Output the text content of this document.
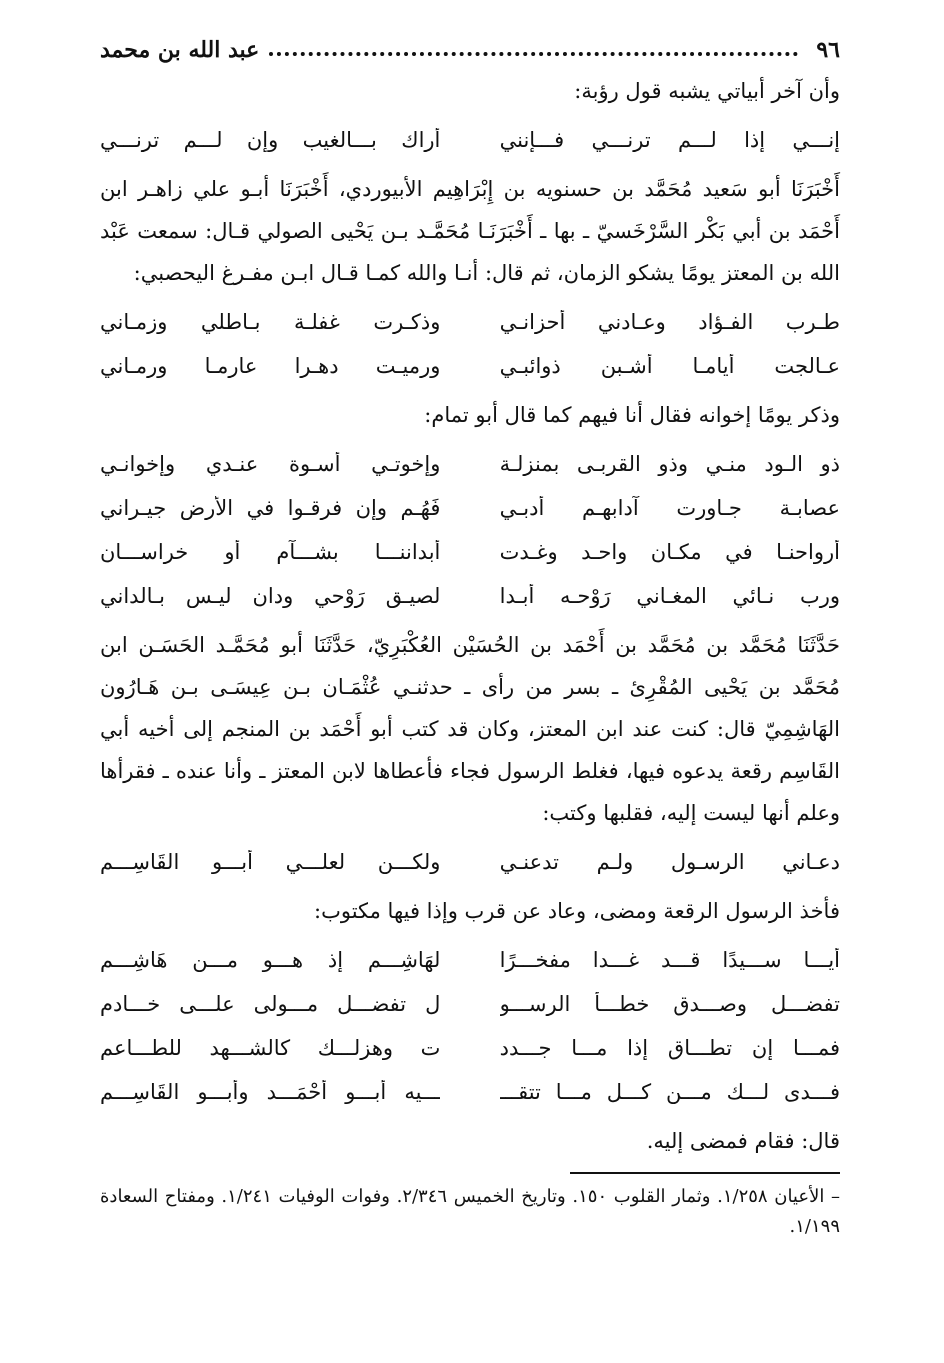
٩٦
عبد الله بن محمد

وأن آخر أبياتي يشبه قول رؤبة:

إنـــي إذا لـــم ترنـــي فـــإنني
أراك بـــالغيب وإن لـــم ترنـــي

أَخْبَرَنَا أبو سَعيد مُحَمَّد بن حسنويه بن إِبْرَاهِيم الأبيوردي، أَخْبَرَنَا أبـو علي زاهـر ابن أَحْمَد بن أبي بَكْر السَّرْخَسيّ ـ بها ـ أَخْبَرَنَـا مُحَمَّـد بـن يَحْيى الصولي قـال: سمعت عَبْد الله بن المعتز يومًا يشكو الزمان، ثم قال: أنـا والله كمـا قـال ابـن مفـرغ اليحصبي:

طـرب الفـؤاد وعـادني أحزانـي
وذكـرت غفلـة بـاطلي وزمـاني
عـالجت أيامـا أشـبن ذوائبـي
ورميـت دهـرا عارمـا ورمـاني

وذكر يومًا إخوانه فقال أنا فيهم كما قال أبو تمام:

ذو الـود منـي وذو القربـى بمنزلـة
وإخوتـي أسـوة عنـدي وإخوانـي
عصابـة جـاورت آدابهـم أدبـي
فَهُـم وإن فرقـوا في الأرض جيـراني
أرواحنـا في مكـان واحـد وغـدت
أبداننـــا بشـــآم أو خراســـان
ورب نـائي المغـاني رَوْحـه أبـدا
لصيـق رَوْحي ودان ليـس بـالداني

حَدَّثَنَا مُحَمَّد بن مُحَمَّد بن أَحْمَد بن الحُسَيْن العُكْبَرِيّ، حَدَّثَنَا أبو مُحَمَّـد الحَسَـن ابن مُحَمَّد بن يَحْيى المُقْرِئ ـ بسر من رأى ـ حدثنـي عُثْمَـان بـن عِيسَـى بـن هَـارُون الهَاشِمِيّ قال: كنت عند ابن المعتز، وكان قد كتب أبو أَحْمَد بن المنجم إلى أخيه أبي القَاسِم رقعة يدعوه فيها، فغلط الرسول فجاء فأعطاها لابن المعتز ـ وأنا عنده ـ فقرأها وعلم أنها ليست إليه، فقلبها وكتب:

دعـاني الرسـول ولـم تدعنـي
ولكـــن لعلـــي أبـــو القَاسِـــم

فأخذ الرسول الرقعة ومضى، وعاد عن قرب وإذا فيها مكتوب:

أيـــا ســـيدًا قـــد غـــدا مفخـــرًا
لهَاشِـــم إذ هـــو مـــن هَاشِـــم
تفضـــل وصـــدق خطـــأ الرســـو
ل تفضـــل مـــولى علـــى خـــادم
فمـــا إن تطـــاق إذا مـــا جـــدد
ت وهزلـــك كالشـــهد للطـــاعم
فـــدى لـــك مـــن كـــل مـــا تتقـــ
ـــيه أبـــو أَحْمَـــد وأبـــو القَاسِـــم

قال: فقام فمضى إليه.

– الأعيان ١/٢٥٨. وثمار القلوب ١٥٠. وتاريخ الخميس ٢/٣٤٦. وفوات الوفيات ١/٢٤١. ومفتاح السعادة ١/١٩٩.
